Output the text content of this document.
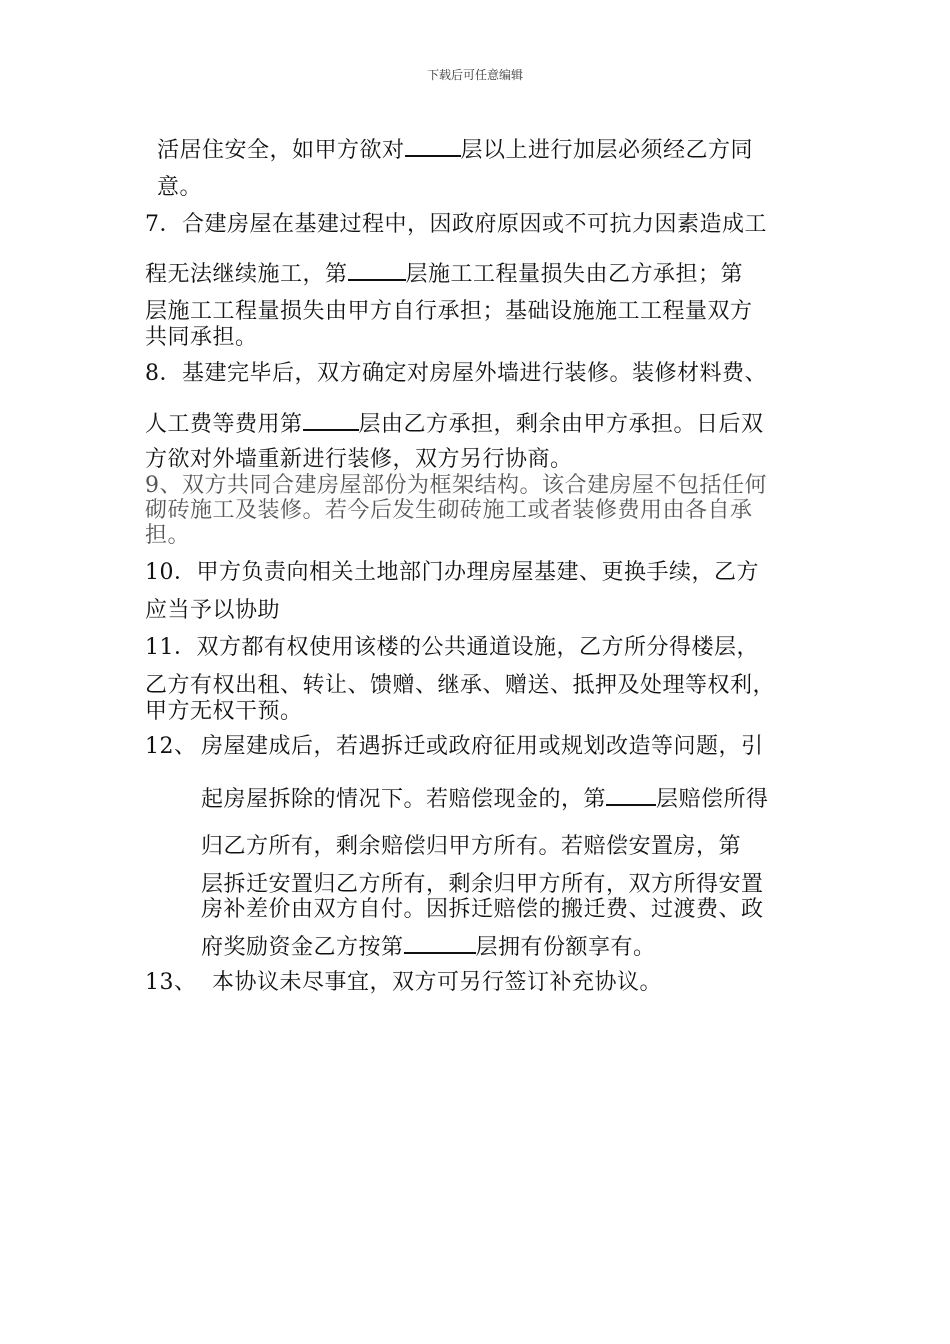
下载后可任意编辑
活居住安全，如甲方欲对	层以上进行加层必须经乙方同
意。
7．合建房屋在基建过程中，因政府原因或不可抗力因素造成工
程无法继续施工，第	层施工工程量损失由乙方承担；第
层施工工程量损失由甲方自行承担；基础设施施工工程量双方
共同承担。
8．基建完毕后，双方确定对房屋外墙进行装修。装修材料费、
人工费等费用第	层由乙方承担，剩余由甲方承担。日后双
方欲对外墙重新进行装修，双方另行协商。
9、双方共同合建房屋部份为框架结构。该合建房屋不包括任何
砌砖施工及装修。若今后发生砌砖施工或者装修费用由各自承
担。
10．甲方负责向相关土地部门办理房屋基建、更换手续，乙方
应当予以协助
11．双方都有权使用该楼的公共通道设施，乙方所分得楼层，
乙方有权出租、转让、馈赠、继承、赠送、抵押及处理等权利，
甲方无权干预。
12、 房屋建成后，若遇拆迁或政府征用或规划改造等问题，引
起房屋拆除的情况下。若赔偿现金的，第 层赔偿所得
归乙方所有，剩余赔偿归甲方所有。若赔偿安置房，第
层拆迁安置归乙方所有，剩余归甲方所有，双方所得安置
房补差价由双方自付。因拆迁赔偿的搬迁费、过渡费、政
府奖励资金乙方按第	层拥有份额享有。
13、 本协议未尽事宜，双方可另行签订补充协议。
